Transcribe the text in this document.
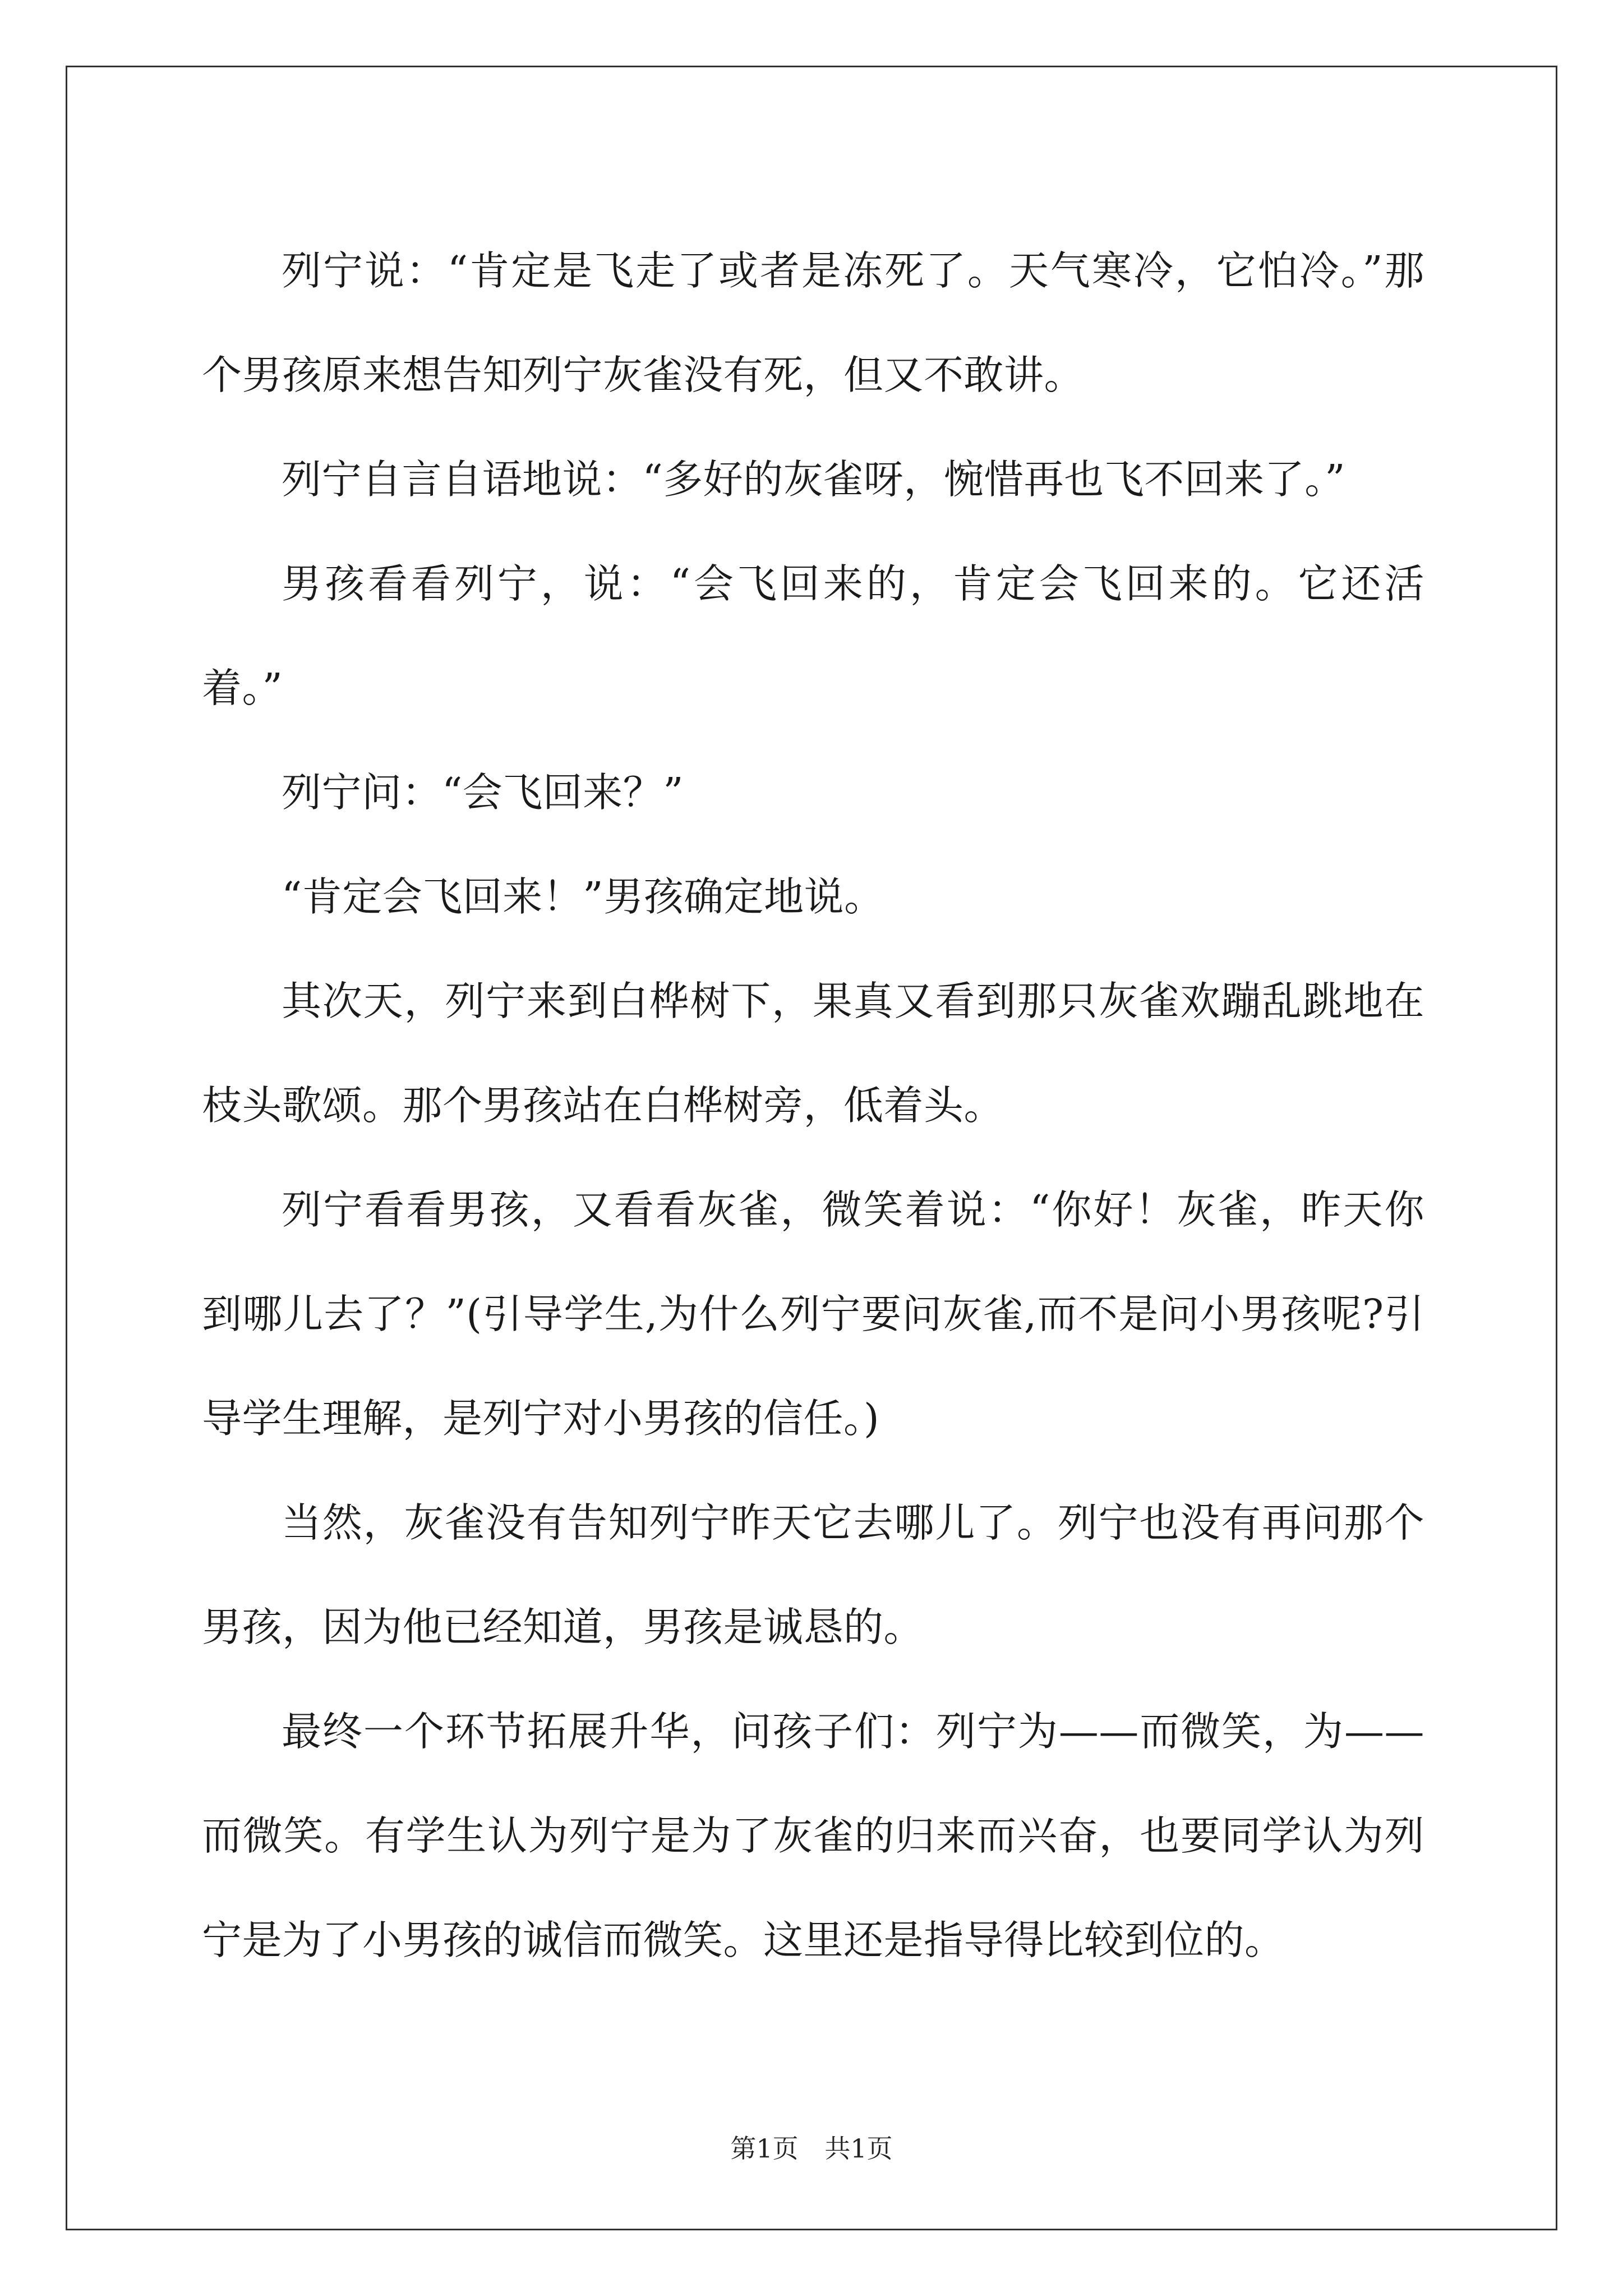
列宁说：“肯定是飞走了或者是冻死了。天气寒冷，它怕冷。”那个男孩原来想告知列宁灰雀没有死，但又不敢讲。

列宁自言自语地说：“多好的灰雀呀，惋惜再也飞不回来了。”

男孩看看列宁，说：“会飞回来的，肯定会飞回来的。它还活着。”

列宁问：“会飞回来？”

“肯定会飞回来！”男孩确定地说。

其次天，列宁来到白桦树下，果真又看到那只灰雀欢蹦乱跳地在枝头歌颂。那个男孩站在白桦树旁，低着头。

列宁看看男孩，又看看灰雀，微笑着说：“你好！灰雀，昨天你到哪儿去了？”(引导学生,为什么列宁要问灰雀,而不是问小男孩呢?引导学生理解，是列宁对小男孩的信任。)

当然，灰雀没有告知列宁昨天它去哪儿了。列宁也没有再问那个男孩，因为他已经知道，男孩是诚恳的。

最终一个环节拓展升华，问孩子们：列宁为——而微笑，为——而微笑。有学生认为列宁是为了灰雀的归来而兴奋，也要同学认为列宁是为了小男孩的诚信而微笑。这里还是指导得比较到位的。

第1页 共1页
